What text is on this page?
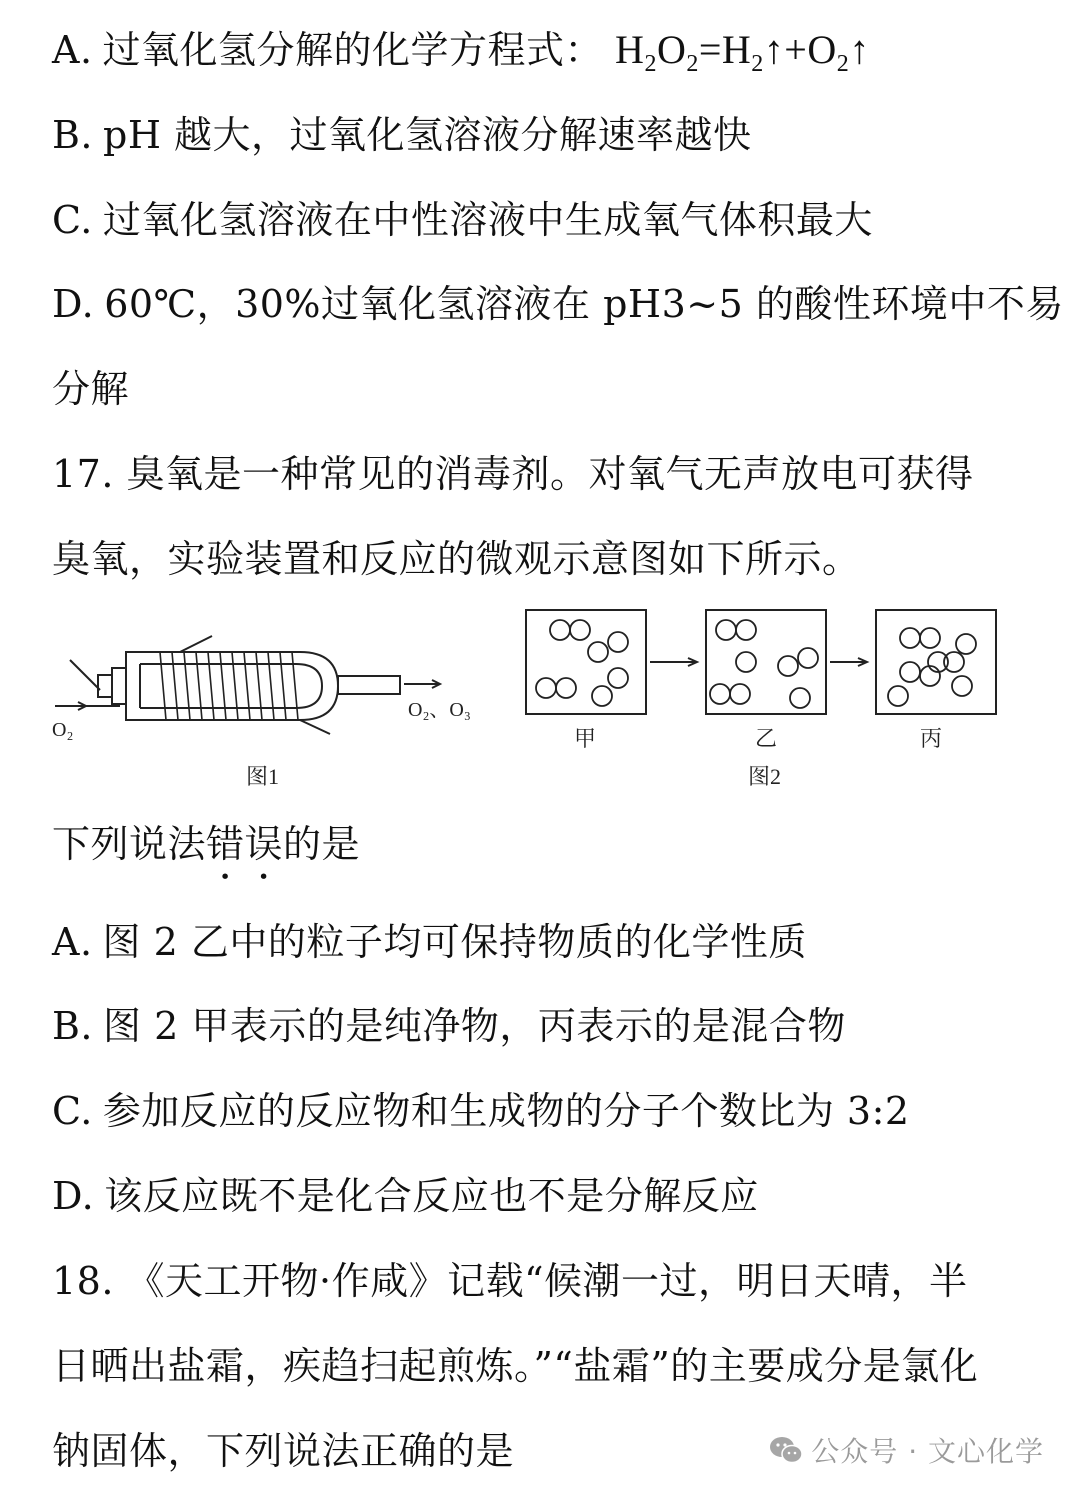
A. 过氧化氢分解的化学方程式： $H_2O_2=H_2↑+O_2↑$
B. pH 越大，过氧化氢溶液分解速率越快
C. 过氧化氢溶液在中性溶液中生成氧气体积最大
D. 60℃，30%过氧化氢溶液在 pH3~5 的酸性环境中不易
分解
17. 臭氧是一种常见的消毒剂。对氧气无声放电可获得
臭氧，实验装置和反应的微观示意图如下所示。
O₂
O₂、O₃
图1
甲	乙	丙
图2
下列说法错误的是
A. 图 2 乙中的粒子均可保持物质的化学性质
B. 图 2 甲表示的是纯净物，丙表示的是混合物
C. 参加反应的反应物和生成物的分子个数比为 3:2
D. 该反应既不是化合反应也不是分解反应
18. 《天工开物·作咸》记载“候潮一过，明日天晴，半
日晒出盐霜，疾趋扫起煎炼。”“盐霜”的主要成分是氯化
钠固体，下列说法正确的是	公众号 · 文心化学
